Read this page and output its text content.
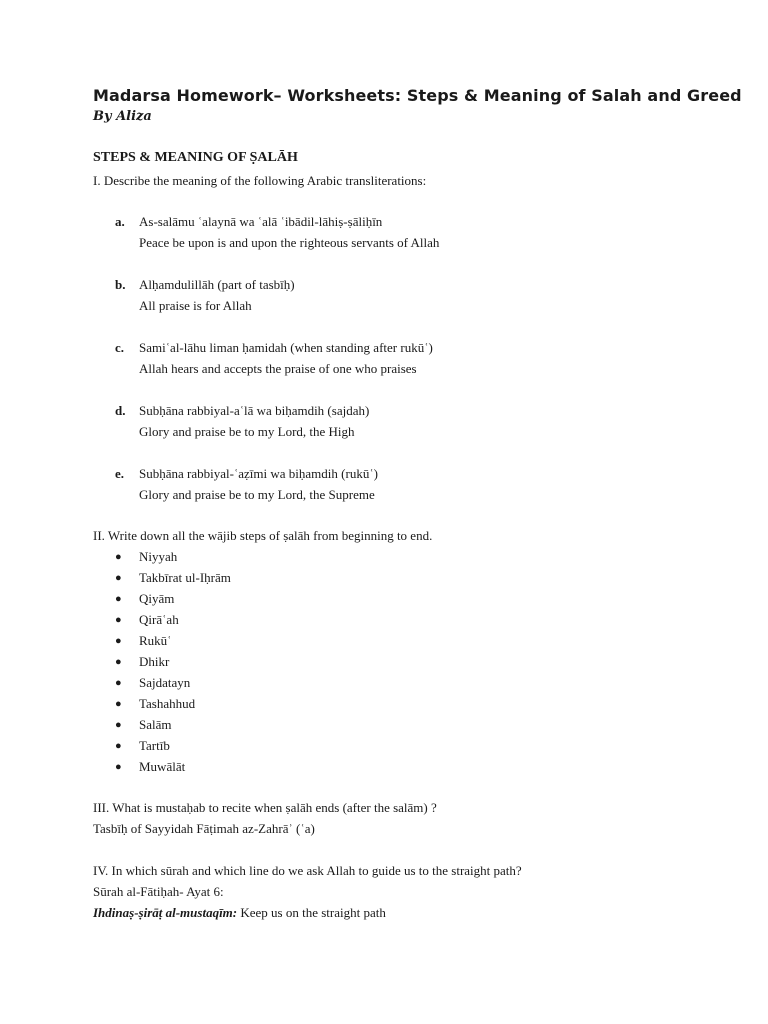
Madarsa Homework– Worksheets: Steps & Meaning of Salah and Greed
By Aliza
STEPS & MEANING OF ṢALĀH
I. Describe the meaning of the following Arabic transliterations:
a. As-salāmu ʿalaynā wa ʿalā ʿibādil-lāhiṣ-ṣāliḥīn
Peace be upon is and upon the righteous servants of Allah
b. Alḥamdulillāh (part of tasbīḥ)
All praise is for Allah
c. Samiʿal-lāhu liman ḥamidah (when standing after rukūʿ)
Allah hears and accepts the praise of one who praises
d. Subḥāna rabbiyal-aʿlā wa biḥamdih (sajdah)
Glory and praise be to my Lord, the High
e. Subḥāna rabbiyal-ʿaẓīmi wa biḥamdih (rukūʿ)
Glory and praise be to my Lord, the Supreme
II. Write down all the wājib steps of ṣalāh from beginning to end.
● Niyyah
● Takbīrat ul-Iḥrām
● Qiyām
● Qirāʿah
● Rukūʿ
● Dhikr
● Sajdatayn
● Tashahhud
● Salām
● Tartīb
● Muwālāt
III. What is mustaḥab to recite when ṣalāh ends (after the salām) ?
Tasbīḥ of Sayyidah Fāṭimah az-Zahrāʾ (ʿa)
IV. In which sūrah and which line do we ask Allah to guide us to the straight path?
Sūrah al-Fātiḥah- Ayat 6:
Ihdinaṣ-ṣirāṭ al-mustaqīm: Keep us on the straight path
